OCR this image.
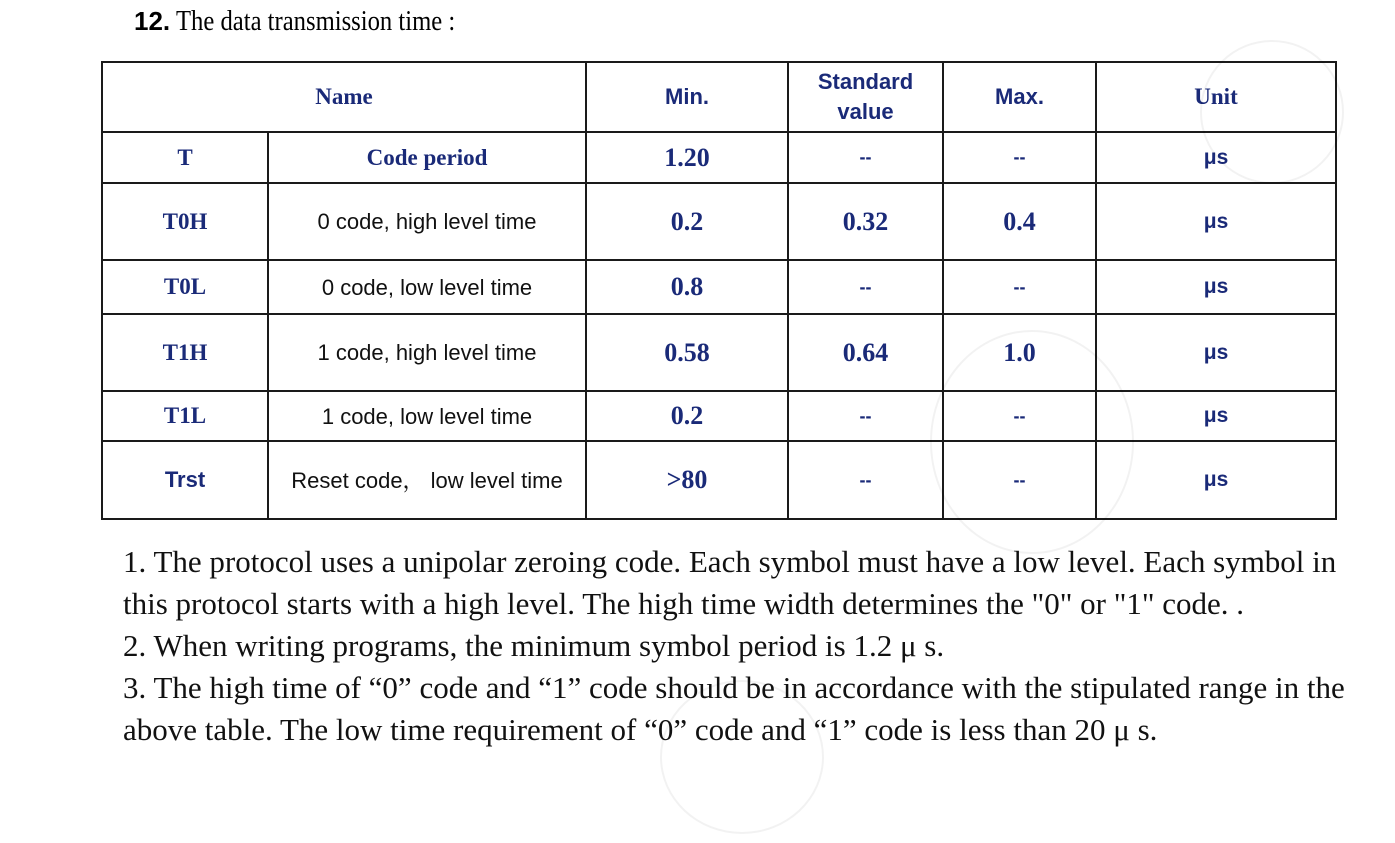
12. The data transmission time :
Name		Min.	Standard value	Max.	Unit
T	Code period	1.20	--	--	μs
T0H	0 code, high level time	0.2	0.32	0.4	μs
T0L	0 code, low level time	0.8	--	--	μs
T1H	1 code, high level time	0.58	0.64	1.0	μs
T1L	1 code, low level time	0.2	--	--	μs
Trst	Reset code， low level time	>80	--	--	μs

1. The protocol uses a unipolar zeroing code. Each symbol must have a low level. Each symbol in this protocol starts with a high level. The high time width determines the "0" or "1" code. .

2. When writing programs, the minimum symbol period is 1.2 μ s.

3. The high time of “0” code and “1” code should be in accordance with the stipulated range in the above table. The low time requirement of “0” code and “1” code is less than 20 μ s.
